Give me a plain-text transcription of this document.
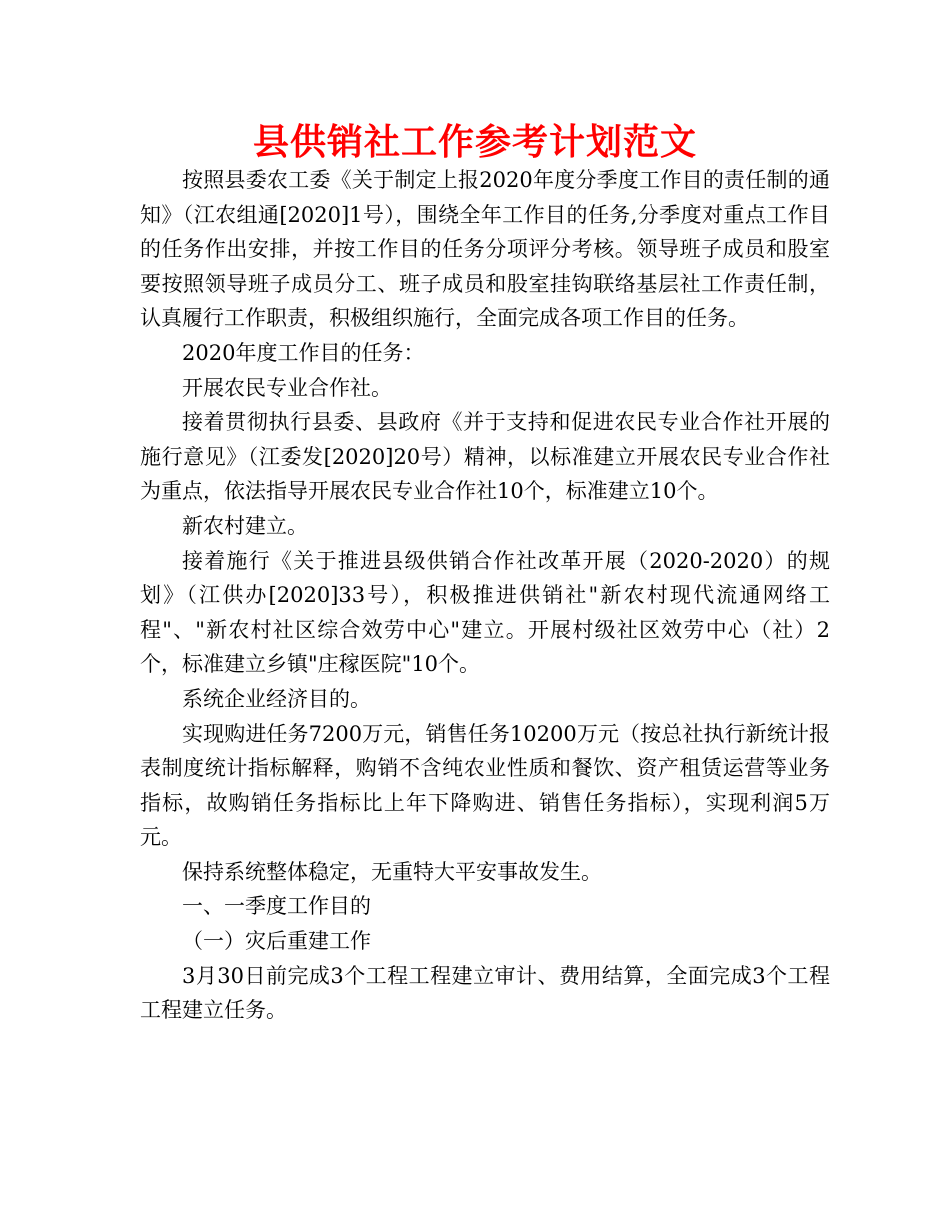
县供销社工作参考计划范文

按照县委农工委《关于制定上报2020年度分季度工作目的责任制的通知》（江农组通[2020]1号），围绕全年工作目的任务,分季度对重点工作目的任务作出安排，并按工作目的任务分项评分考核。领导班子成员和股室要按照领导班子成员分工、班子成员和股室挂钩联络基层社工作责任制，认真履行工作职责，积极组织施行，全面完成各项工作目的任务。

2020年度工作目的任务：

开展农民专业合作社。

接着贯彻执行县委、县政府《并于支持和促进农民专业合作社开展的施行意见》（江委发[2020]20号）精神，以标准建立开展农民专业合作社为重点，依法指导开展农民专业合作社10个，标准建立10个。

新农村建立。

接着施行《关于推进县级供销合作社改革开展（2020-2020）的规划》（江供办[2020]33号），积极推进供销社"新农村现代流通网络工程"、"新农村社区综合效劳中心"建立。开展村级社区效劳中心（社）2个，标准建立乡镇"庄稼医院"10个。

系统企业经济目的。

实现购进任务7200万元，销售任务10200万元（按总社执行新统计报表制度统计指标解释，购销不含纯农业性质和餐饮、资产租赁运营等业务指标，故购销任务指标比上年下降购进、销售任务指标），实现利润5万元。

保持系统整体稳定，无重特大平安事故发生。

一、一季度工作目的

（一）灾后重建工作

3月30日前完成3个工程工程建立审计、费用结算，全面完成3个工程工程建立任务。
